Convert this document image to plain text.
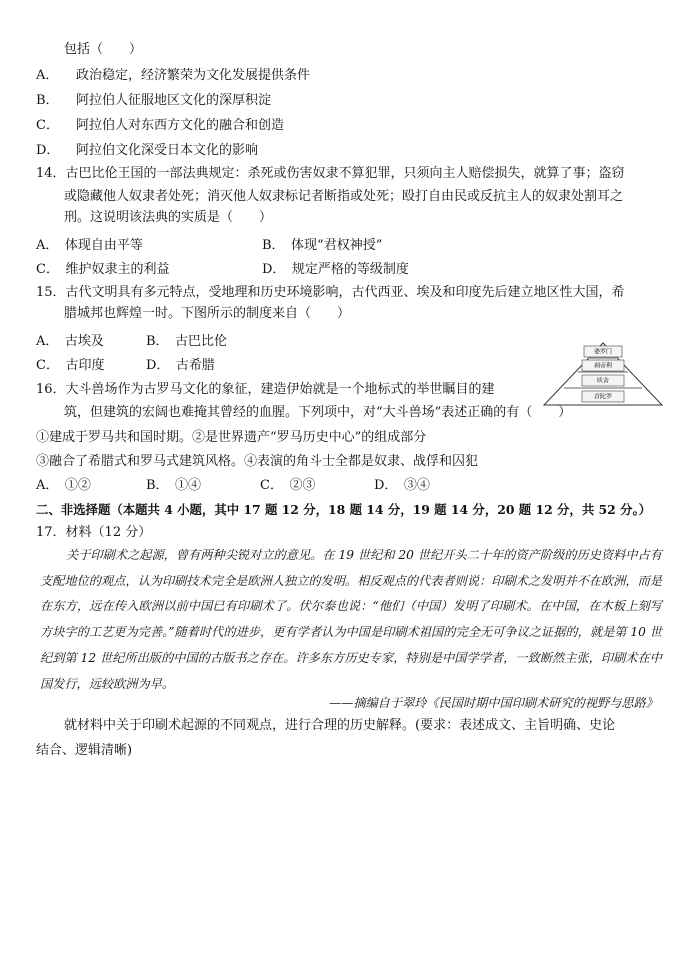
包括（　　）
A． 政治稳定，经济繁荣为文化发展提供条件
B． 阿拉伯人征服地区文化的深厚积淀
C． 阿拉伯人对东西方文化的融合和创造
D． 阿拉伯文化深受日本文化的影响
14．古巴比伦王国的一部法典规定：杀死或伤害奴隶不算犯罪，只须向主人赔偿损失，就算了事；盗窃
或隐藏他人奴隶者处死；消灭他人奴隶标记者断指或处死；殴打自由民或反抗主人的奴隶处割耳之
刑。这说明该法典的实质是（　　）
A．　体现自由平等	B．　体现“君权神授”
C．　维护奴隶主的利益	D．　规定严格的等级制度
15．古代文明具有多元特点，受地理和历史环境影响，古代西亚、埃及和印度先后建立地区性大国，希
腊城邦也辉煌一时。下图所示的制度来自（　　）
A．　古埃及	B．　古巴比伦
C．　古印度	D．　古希腊
婆罗门
刹帝利
吠舍
首陀罗
16．大斗兽场作为古罗马文化的象征，建造伊始就是一个地标式的举世瞩目的建
筑，但建筑的宏阔也难掩其曾经的血腥。下列项中，对“大斗兽场”表述正确的有（　　）
①建成于罗马共和国时期。②是世界遗产“罗马历史中心”的组成部分
③融合了希腊式和罗马式建筑风格。④表演的角斗士全都是奴隶、战俘和囚犯
A．　①②	B．　①④	C．　②③	D．　③④
二、非选择题（本题共 4 小题，其中 17 题 12 分，18 题 14 分，19 题 14 分，20 题 12 分，共 52 分。）
17．材料（12 分）
关于印刷术之起源，曾有两种尖锐对立的意见。在 19 世纪和 20 世纪开头二十年的资产阶级的历史资料中占有支配地位的观点，认为印刷技术完全是欧洲人独立的发明。相反观点的代表者则说：印刷术之发明并不在欧洲，而是在东方，远在传入欧洲以前中国已有印刷术了。伏尔泰也说：“他们（中国）发明了印刷术。在中国，在木板上刻写方块字的工艺更为完善。”随着时代的进步，更有学者认为中国是印刷术祖国的完全无可争议之证据的，就是第 10 世纪到第 12 世纪所出版的中国的古版书之存在。许多东方历史专家，特别是中国学学者，一致断然主张，印刷术在中国发行，远较欧洲为早。
——摘编自于翠玲《民国时期中国印刷术研究的视野与思路》
就材料中关于印刷术起源的不同观点，进行合理的历史解释。(要求：表述成文、主旨明确、史论
结合、逻辑清晰)
